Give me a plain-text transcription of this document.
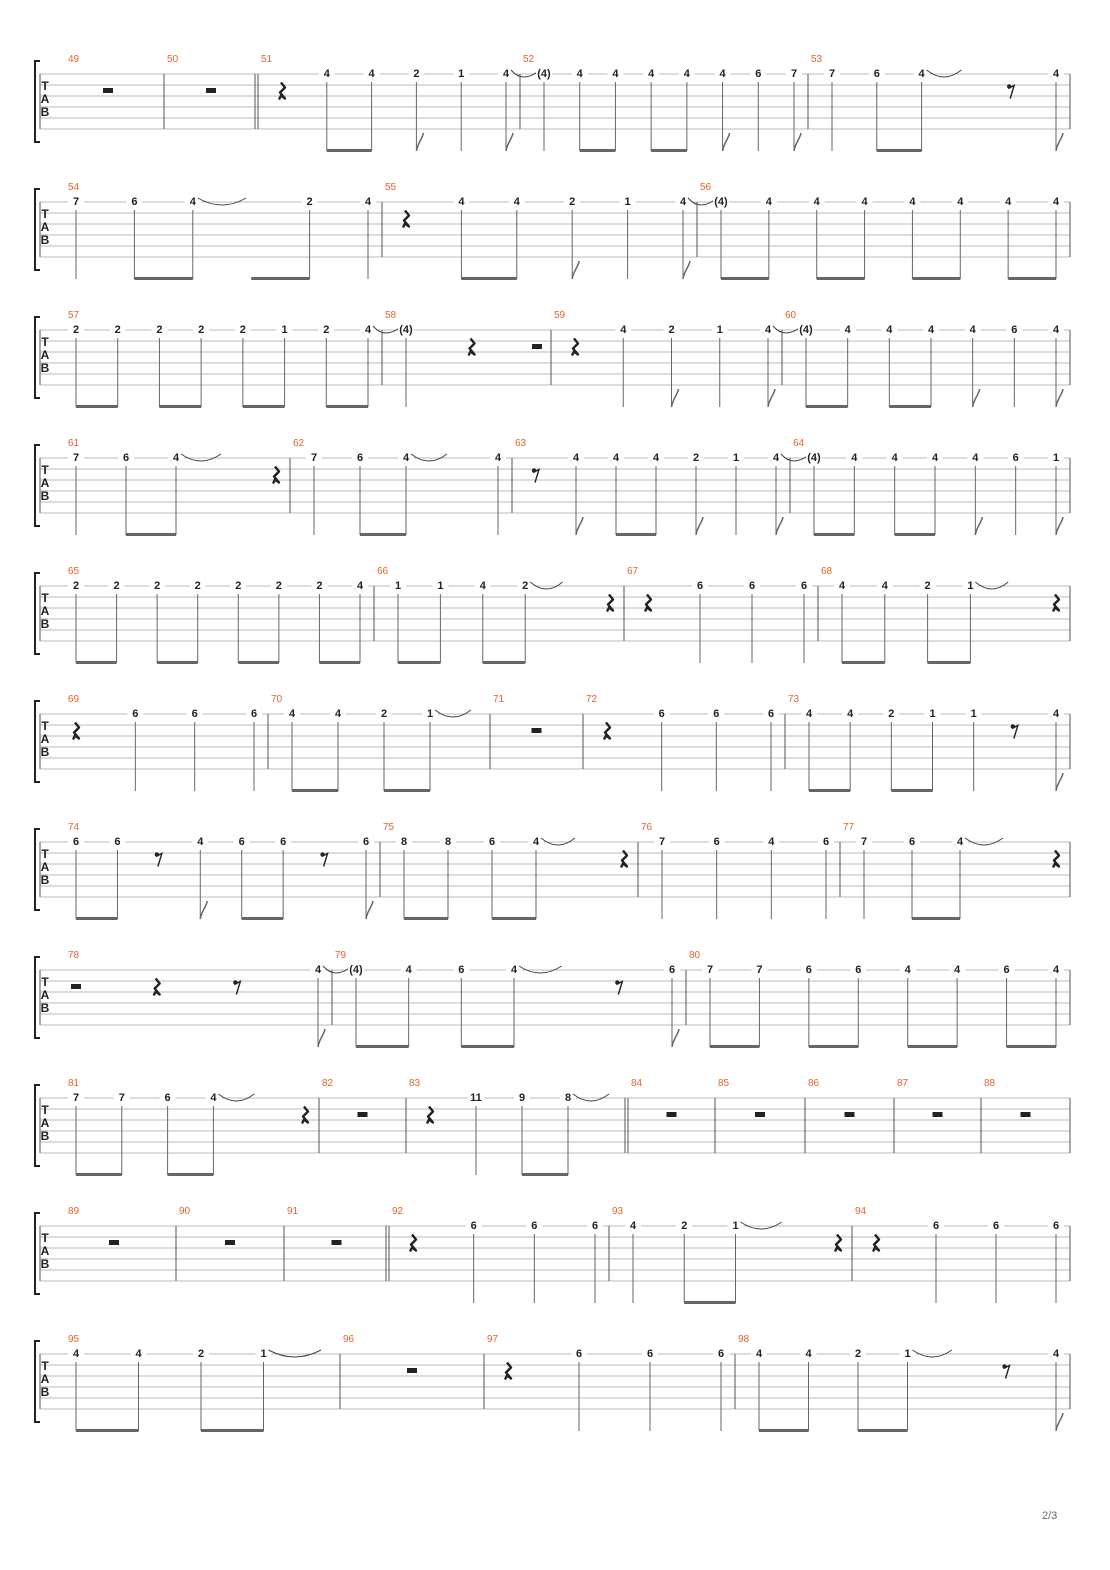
T
A
B
49	50	51
4	4	2	1	4
52
(4) 4	4	4	4	4	6	7
53
7	6	4	4
T
A
B
54
7	6	4	2	4
55
4	4	2	1	4
56
(4)	4	4	4	4	4	4	4
T
A
B
57
2	2	2	2	2	1	2	4
58
(4)
59
4	2	1	4
60
(4)	4	4	4	4	6	4
T
A
B
61
7	6	4
62
7	6	4	4
63
4	4	4	2	1	4
64
(4)	4	4	4	4	6	1
T
A
B
65
2	2	2	2	2	2	2	4
66
1	1	4	2
67
6	6	6
68
4	4	2	1
T
A
B
69
6	6	6
70
4	4	2	1
71	72
6	6	6
73
4	4	2	1	1	4
T
A
B
74
6	6	4	6	6	6
75
8	8	6	4
76
7	6	4	6
77
7	6	4
T
A
B
78
4
79
(4)	4	6	4	6
80
7	7	6	6	4	4	6	4
T
A
B
81
7	7	6	4
82	83
11	9	8
84	85	86	87	88
T
A
B
89	90	91	92
6	6	6
93
4	2	1
94
6	6	6
T
A
B
95
4	4	2	1
96	97
6	6	6
98
4	4	2	1	4
2/3
